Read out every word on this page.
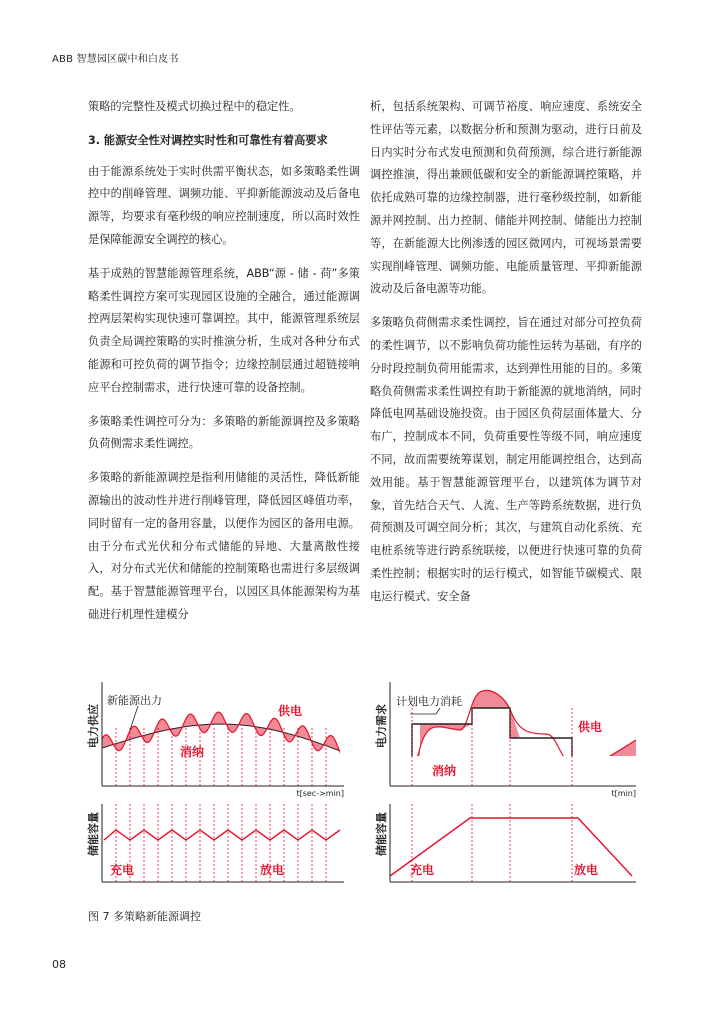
ABB 智慧园区碳中和白皮书

策略的完整性及模式切换过程中的稳定性。

3. 能源安全性对调控实时性和可靠性有着高要求

由于能源系统处于实时供需平衡状态，如多策略柔性调控中的削峰管理、调频功能、平抑新能源波动及后备电源等，均要求有毫秒级的响应控制速度，所以高时效性是保障能源安全调控的核心。

基于成熟的智慧能源管理系统，ABB“源 - 储 - 荷”多策略柔性调控方案可实现园区设施的全融合，通过能源调控两层架构实现快速可靠调控。其中，能源管理系统层负责全局调控策略的实时推演分析，生成对各种分布式能源和可控负荷的调节指令；边缘控制层通过超链接响应平台控制需求，进行快速可靠的设备控制。

多策略柔性调控可分为：多策略的新能源调控及多策略负荷侧需求柔性调控。

多策略的新能源调控是指利用储能的灵活性，降低新能源输出的波动性并进行削峰管理，降低园区峰值功率，同时留有一定的备用容量，以便作为园区的备用电源。由于分布式光伏和分布式储能的异地、大量离散性接入，对分布式光伏和储能的控制策略也需进行多层级调配。基于智慧能源管理平台，以园区具体能源架构为基础进行机理性建模分

析，包括系统架构、可调节裕度、响应速度、系统安全性评估等元素，以数据分析和预测为驱动，进行日前及日内实时分布式发电预测和负荷预测，综合进行新能源调控推演，得出兼顾低碳和安全的新能源调控策略，并依托成熟可靠的边缘控制器，进行毫秒级控制，如新能源并网控制、出力控制、储能并网控制、储能出力控制等，在新能源大比例渗透的园区微网内，可视场景需要实现削峰管理、调频功能、电能质量管理、平抑新能源波动及后备电源等功能。

多策略负荷侧需求柔性调控，旨在通过对部分可控负荷的柔性调节，以不影响负荷功能性运转为基础，有序的分时段控制负荷用能需求，达到弹性用能的目的。多策略负荷侧需求柔性调控有助于新能源的就地消纳，同时降低电网基础设施投资。由于园区负荷层面体量大、分布广，控制成本不同，负荷重要性等级不同，响应速度不同，故而需要统筹谋划，制定用能调控组合，达到高效用能。基于智慧能源管理平台，以建筑体为调节对象，首先结合天气、人流、生产等跨系统数据，进行负荷预测及可调空间分析；其次，与建筑自动化系统、充电桩系统等进行跨系统联接，以便进行快速可靠的负荷柔性控制；根据实时的运行模式，如智能节碳模式、限电运行模式、安全备

电力供应
新能源出力
供电
消纳
t[sec->min]
储能容量
充电	放电
电力需求
计划电力消耗
供电
消纳
t[min]
储能容量
充电	放电
图 7 多策略新能源调控
08
